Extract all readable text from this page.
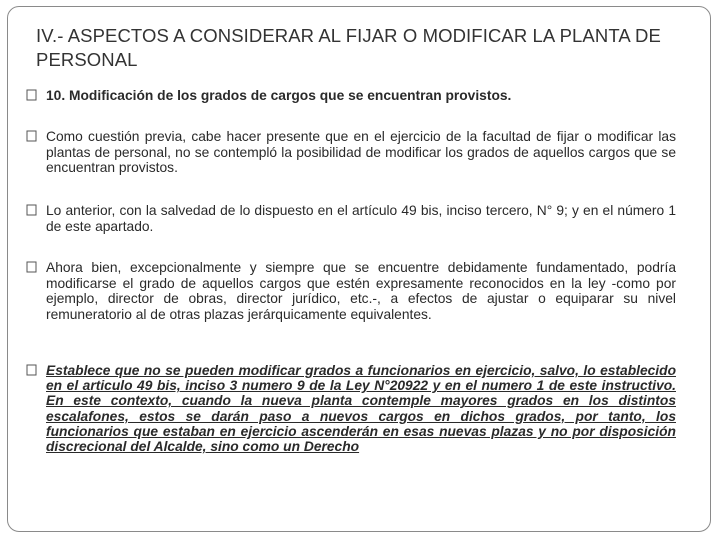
IV.- ASPECTOS A CONSIDERAR AL FIJAR O MODIFICAR LA PLANTA DE PERSONAL
10. Modificación de los grados de cargos que se encuentran provistos.
Como cuestión previa, cabe hacer presente que en el ejercicio de la facultad de fijar o modificar las plantas de personal, no se contempló la posibilidad de modificar los grados de aquellos cargos que se encuentran provistos.
Lo anterior, con la salvedad de lo dispuesto en el artículo 49 bis, inciso tercero, N° 9; y en el número 1 de este apartado.
Ahora bien, excepcionalmente y siempre que se encuentre debidamente fundamentado, podría modificarse el grado de aquellos cargos que estén expresamente reconocidos en la ley -como por ejemplo, director de obras, director jurídico, etc.-, a efectos de ajustar o equiparar su nivel remuneratorio al de otras plazas jerárquicamente equivalentes.
Establece que no se pueden modificar grados a funcionarios en ejercicio, salvo, lo establecido en el articulo 49 bis, inciso 3 numero 9 de la Ley N°20922 y en el numero 1 de este instructivo. En este contexto, cuando la nueva planta contemple mayores grados en los distintos escalafones, estos se darán paso a nuevos cargos en dichos grados, por tanto, los funcionarios que estaban en ejercicio ascenderán en esas nuevas plazas y no por disposición discrecional del Alcalde, sino como un Derecho
